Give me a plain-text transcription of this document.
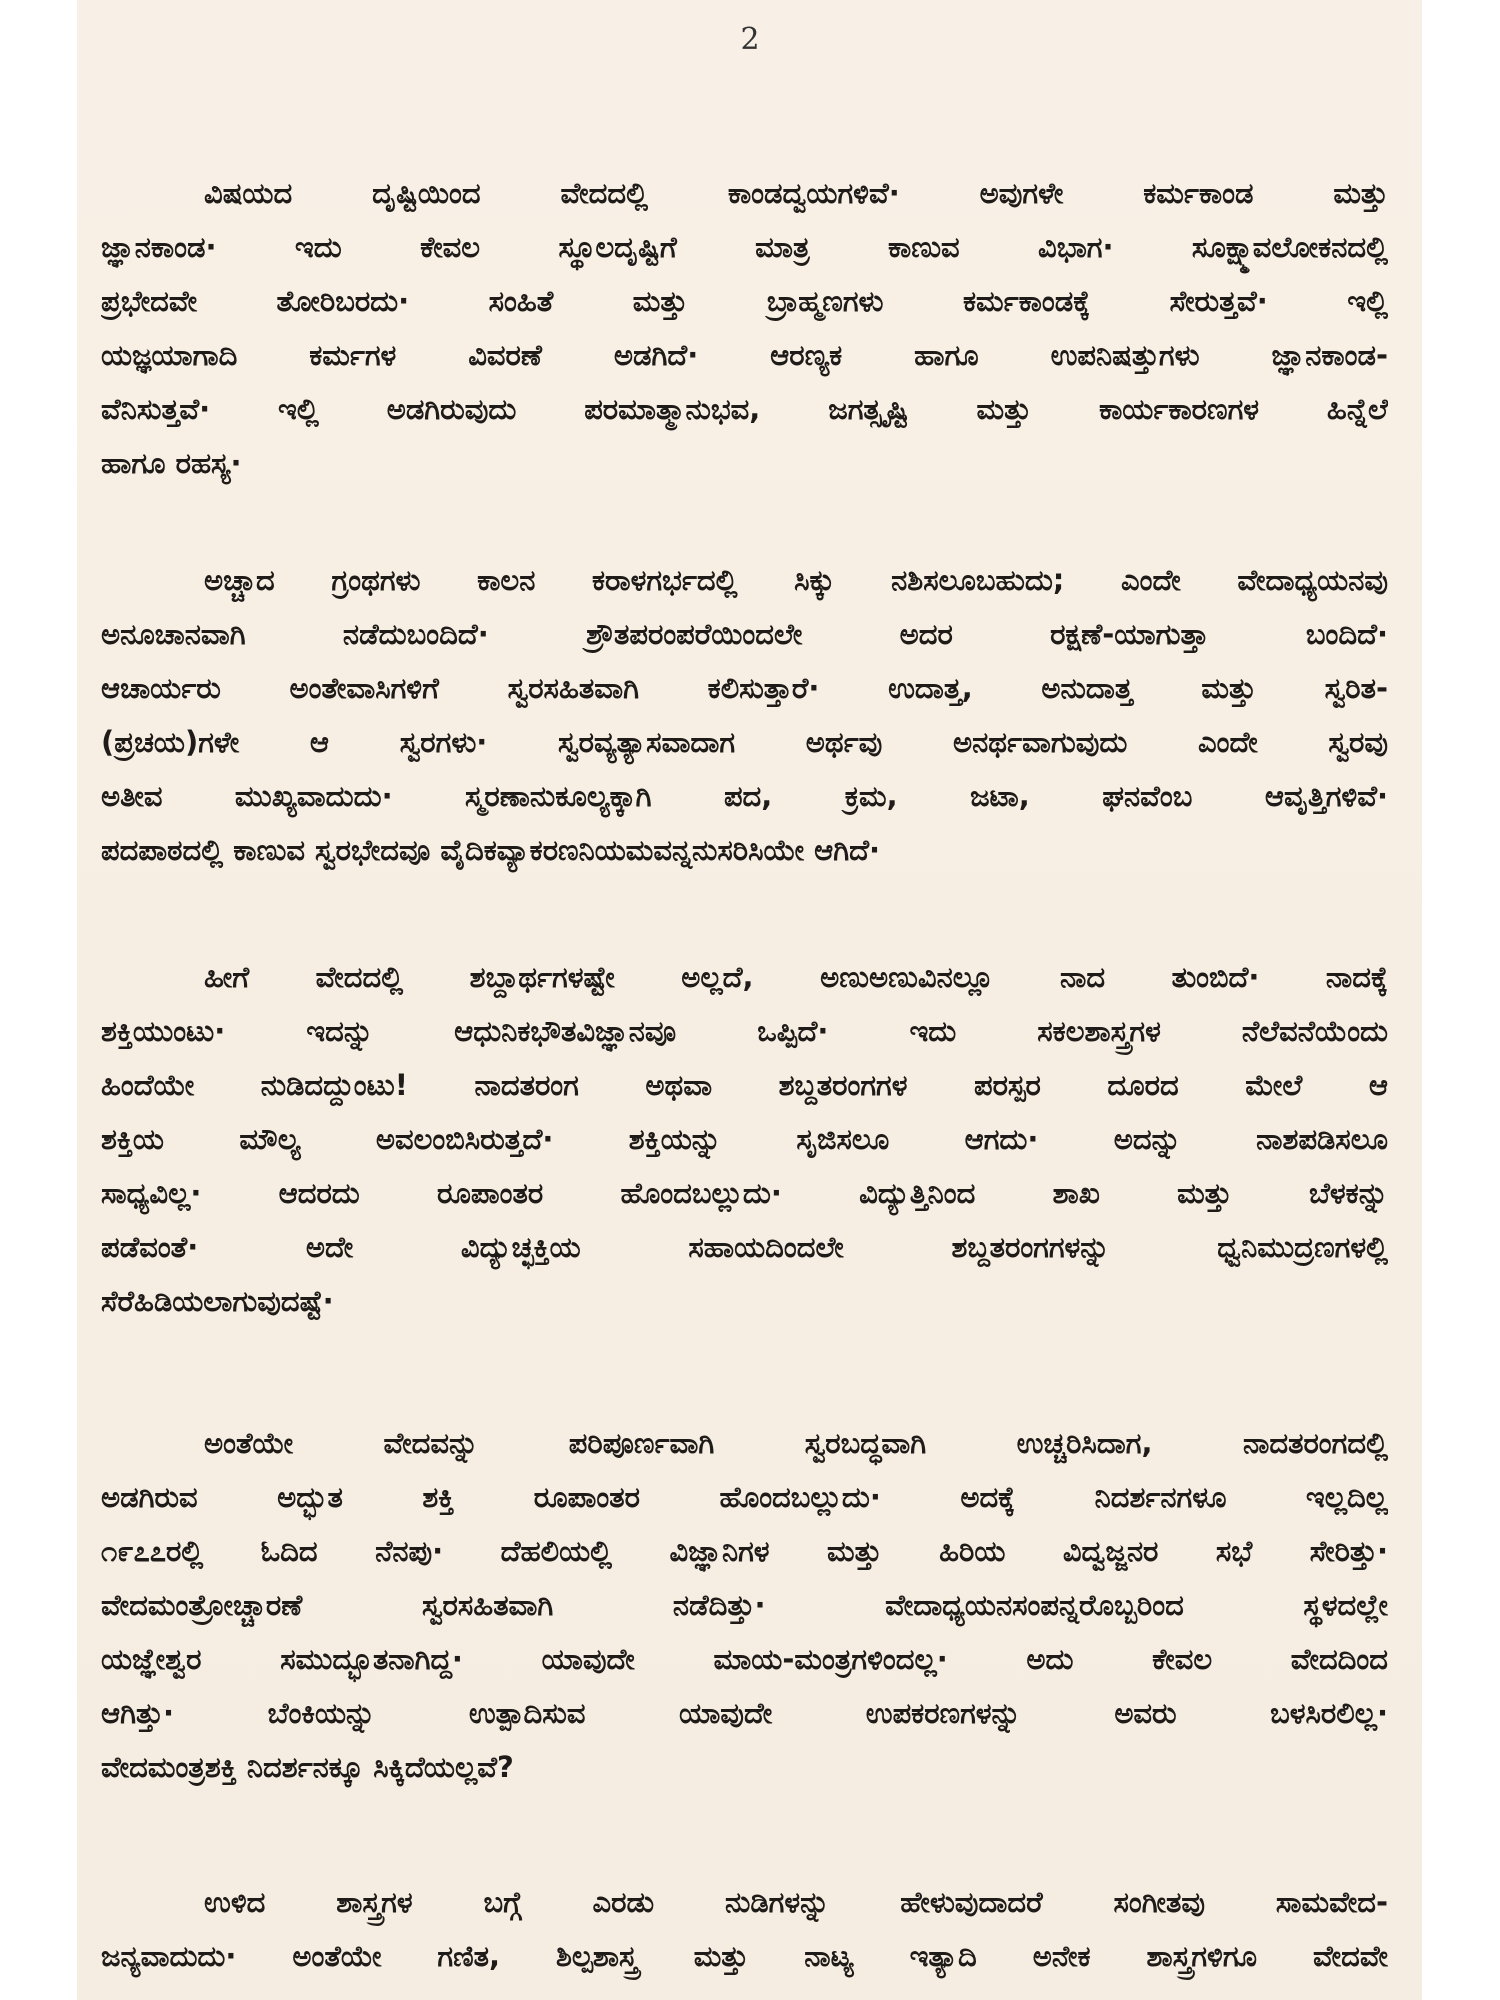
2
ವಿಷಯದ ದೃಷ್ಟಿಯಿಂದ ವೇದದಲ್ಲಿ ಕಾಂಡದ್ವಯಗಳಿವೆ· ಅವುಗಳೇ ಕರ್ಮಕಾಂಡ ಮತ್ತು
ಜ್ಞಾನಕಾಂಡ· ಇದು ಕೇವಲ ಸ್ಥೂಲದೃಷ್ಟಿಗೆ ಮಾತ್ರ ಕಾಣುವ ವಿಭಾಗ· ಸೂಕ್ಷ್ಮಾವಲೋಕನದಲ್ಲಿ
ಪ್ರಭೇದವೇ ತೋರಿಬರದು· ಸಂಹಿತೆ ಮತ್ತು ಬ್ರಾಹ್ಮಣಗಳು ಕರ್ಮಕಾಂಡಕ್ಕೆ ಸೇರುತ್ತವೆ· ಇಲ್ಲಿ
ಯಜ್ಞಯಾಗಾದಿ ಕರ್ಮಗಳ ವಿವರಣೆ ಅಡಗಿದೆ· ಆರಣ್ಯಕ ಹಾಗೂ ಉಪನಿಷತ್ತುಗಳು ಜ್ಞಾನಕಾಂಡ-
ವೆನಿಸುತ್ತವೆ· ಇಲ್ಲಿ ಅಡಗಿರುವುದು ಪರಮಾತ್ಮಾನುಭವ, ಜಗತ್ಸೃಷ್ಟಿ ಮತ್ತು ಕಾರ್ಯಕಾರಣಗಳ ಹಿನ್ನೆಲೆ
ಹಾಗೂ ರಹಸ್ಯ·
ಅಚ್ಚಾದ ಗ್ರಂಥಗಳು ಕಾಲನ ಕರಾಳಗರ್ಭದಲ್ಲಿ ಸಿಕ್ಕು ನಶಿಸಲೂಬಹುದು; ಎಂದೇ ವೇದಾಧ್ಯಯನವು
ಅನೂಚಾನವಾಗಿ ನಡೆದುಬಂದಿದೆ· ಶ್ರೌತಪರಂಪರೆಯಿಂದಲೇ ಅದರ ರಕ್ಷಣೆ-ಯಾಗುತ್ತಾ ಬಂದಿದೆ·
ಆಚಾರ್ಯರು ಅಂತೇವಾಸಿಗಳಿಗೆ ಸ್ವರಸಹಿತವಾಗಿ ಕಲಿಸುತ್ತಾರೆ· ಉದಾತ್ತ, ಅನುದಾತ್ತ ಮತ್ತು ಸ್ವರಿತ-
(ಪ್ರಚಯ)ಗಳೇ ಆ ಸ್ವರಗಳು· ಸ್ವರವ್ಯತ್ಯಾಸವಾದಾಗ ಅರ್ಥವು ಅನರ್ಥವಾಗುವುದು ಎಂದೇ ಸ್ವರವು
ಅತೀವ ಮುಖ್ಯವಾದುದು· ಸ್ಮರಣಾನುಕೂಲ್ಯಕ್ಕಾಗಿ ಪದ, ಕ್ರಮ, ಜಟಾ, ಘನವೆಂಬ ಆವೃತ್ತಿಗಳಿವೆ·
ಪದಪಾಠದಲ್ಲಿ ಕಾಣುವ ಸ್ವರಭೇದವೂ ವೈದಿಕವ್ಯಾಕರಣನಿಯಮವನ್ನನುಸರಿಸಿಯೇ ಆಗಿದೆ·
ಹೀಗೆ ವೇದದಲ್ಲಿ ಶಬ್ದಾರ್ಥಗಳಷ್ಟೇ ಅಲ್ಲದೆ, ಅಣುಅಣುವಿನಲ್ಲೂ ನಾದ ತುಂಬಿದೆ· ನಾದಕ್ಕೆ
ಶಕ್ತಿಯುಂಟು· ಇದನ್ನು ಆಧುನಿಕಭೌತವಿಜ್ಞಾನವೂ ಒಪ್ಪಿದೆ· ಇದು ಸಕಲಶಾಸ್ತ್ರಗಳ ನೆಲೆವನೆಯೆಂದು
ಹಿಂದೆಯೇ ನುಡಿದದ್ದುಂಟು! ನಾದತರಂಗ ಅಥವಾ ಶಬ್ದತರಂಗಗಳ ಪರಸ್ಪರ ದೂರದ ಮೇಲೆ ಆ
ಶಕ್ತಿಯ ಮೌಲ್ಯ ಅವಲಂಬಿಸಿರುತ್ತದೆ· ಶಕ್ತಿಯನ್ನು ಸೃಜಿಸಲೂ ಆಗದು· ಅದನ್ನು ನಾಶಪಡಿಸಲೂ
ಸಾಧ್ಯವಿಲ್ಲ· ಆದರದು ರೂಪಾಂತರ ಹೊಂದಬಲ್ಲುದು· ವಿದ್ಯುತ್ತಿನಿಂದ ಶಾಖ ಮತ್ತು ಬೆಳಕನ್ನು
ಪಡೆವಂತೆ· ಅದೇ ವಿದ್ಯುಚ್ಛಕ್ತಿಯ ಸಹಾಯದಿಂದಲೇ ಶಬ್ದತರಂಗಗಳನ್ನು ಧ್ವನಿಮುದ್ರಣಗಳಲ್ಲಿ
ಸೆರೆಹಿಡಿಯಲಾಗುವುದಷ್ಟೆ·
ಅಂತೆಯೇ ವೇದವನ್ನು ಪರಿಪೂರ್ಣವಾಗಿ ಸ್ವರಬದ್ಧವಾಗಿ ಉಚ್ಚರಿಸಿದಾಗ, ನಾದತರಂಗದಲ್ಲಿ
ಅಡಗಿರುವ ಅದ್ಭುತ ಶಕ್ತಿ ರೂಪಾಂತರ ಹೊಂದಬಲ್ಲುದು· ಅದಕ್ಕೆ ನಿದರ್ಶನಗಳೂ ಇಲ್ಲದಿಲ್ಲ
೧೯೭೭ರಲ್ಲಿ ಓದಿದ ನೆನಪು· ದೆಹಲಿಯಲ್ಲಿ ವಿಜ್ಞಾನಿಗಳ ಮತ್ತು ಹಿರಿಯ ವಿದ್ವಜ್ಜನರ ಸಭೆ ಸೇರಿತ್ತು·
ವೇದಮಂತ್ರೋಚ್ಚಾರಣೆ ಸ್ವರಸಹಿತವಾಗಿ ನಡೆದಿತ್ತು· ವೇದಾಧ್ಯಯನಸಂಪನ್ನರೊಬ್ಬರಿಂದ ಸ್ಥಳದಲ್ಲೇ
ಯಜ್ಞೇಶ್ವರ ಸಮುದ್ಭೂತನಾಗಿದ್ದ· ಯಾವುದೇ ಮಾಯ-ಮಂತ್ರಗಳಿಂದಲ್ಲ· ಅದು ಕೇವಲ ವೇದದಿಂದ
ಆಗಿತ್ತು· ಬೆಂಕಿಯನ್ನು ಉತ್ಪಾದಿಸುವ ಯಾವುದೇ ಉಪಕರಣಗಳನ್ನು ಅವರು ಬಳಸಿರಲಿಲ್ಲ·
ವೇದಮಂತ್ರಶಕ್ತಿ ನಿದರ್ಶನಕ್ಕೂ ಸಿಕ್ಕಿದೆಯಲ್ಲವೆ?
ಉಳಿದ ಶಾಸ್ತ್ರಗಳ ಬಗ್ಗೆ ಎರಡು ನುಡಿಗಳನ್ನು ಹೇಳುವುದಾದರೆ ಸಂಗೀತವು ಸಾಮವೇದ-
ಜನ್ಯವಾದುದು· ಅಂತೆಯೇ ಗಣಿತ, ಶಿಲ್ಪಶಾಸ್ತ್ರ ಮತ್ತು ನಾಟ್ಯ ಇತ್ಯಾದಿ ಅನೇಕ ಶಾಸ್ತ್ರಗಳಿಗೂ ವೇದವೇ
